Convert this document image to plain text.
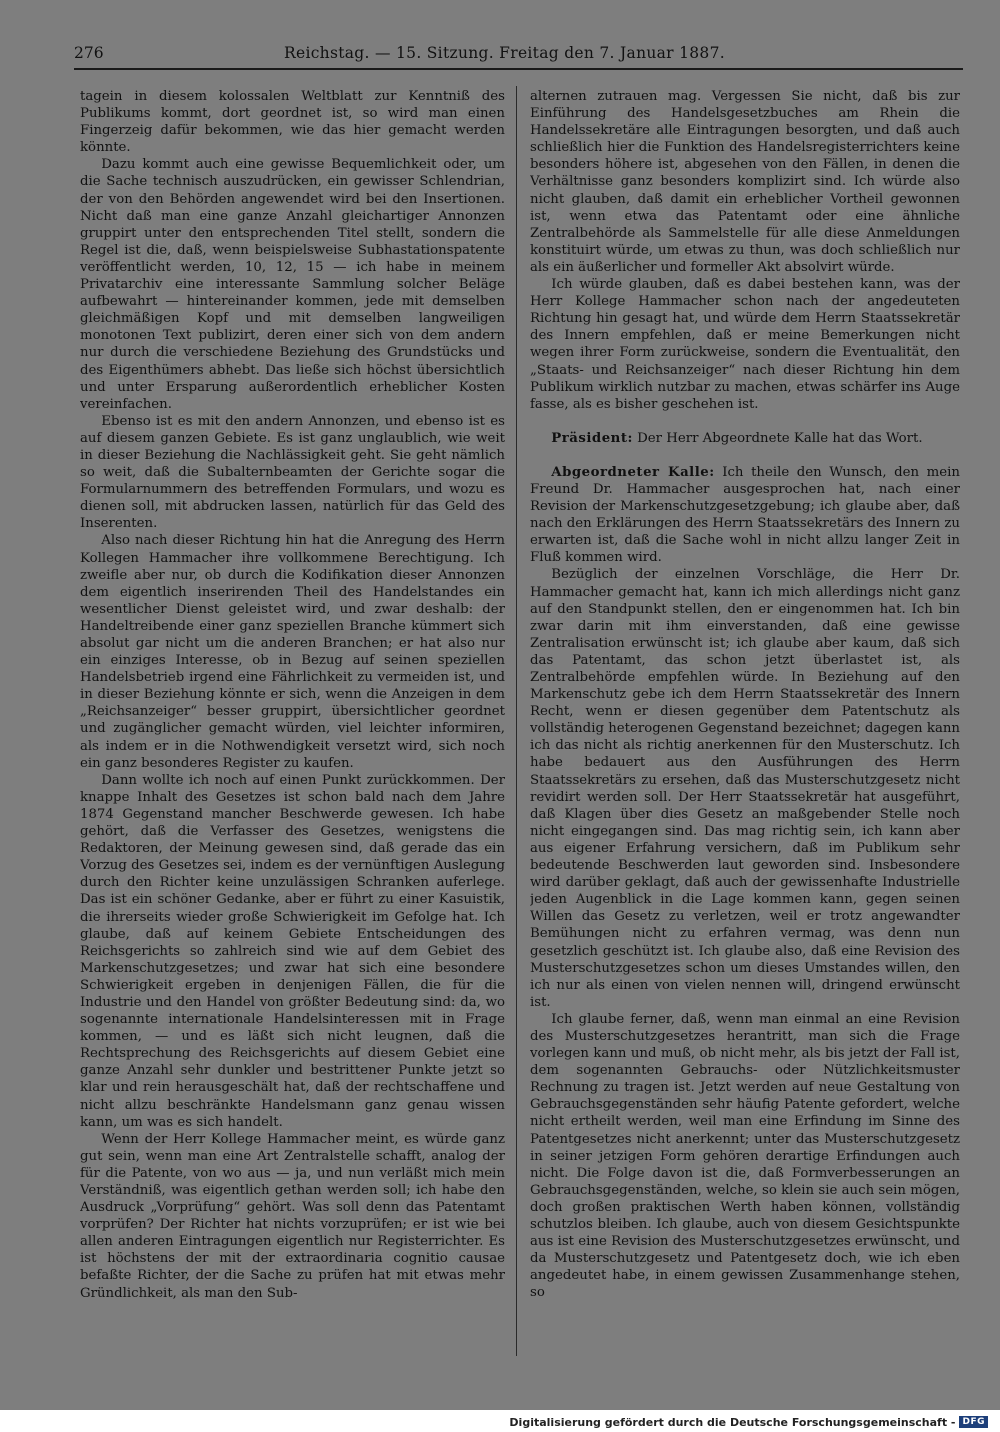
276	Reichstag. — 15. Sitzung. Freitag den 7. Januar 1887.

tagein in diesem kolossalen Weltblatt zur Kenntniß des Publikums kommt, dort geordnet ist, so wird man einen Fingerzeig dafür bekommen, wie das hier gemacht werden könnte.

Dazu kommt auch eine gewisse Bequemlichkeit oder, um die Sache technisch auszudrücken, ein gewisser Schlendrian, der von den Behörden angewendet wird bei den Insertionen. Nicht daß man eine ganze Anzahl gleichartiger Annonzen gruppirt unter den entsprechenden Titel stellt, sondern die Regel ist die, daß, wenn beispielsweise Subhastationspatente veröffentlicht werden, 10, 12, 15 — ich habe in meinem Privatarchiv eine interessante Sammlung solcher Beläge aufbewahrt — hintereinander kommen, jede mit demselben gleichmäßigen Kopf und mit demselben langweiligen monotonen Text publizirt, deren einer sich von dem andern nur durch die verschiedene Beziehung des Grundstücks und des Eigenthümers abhebt. Das ließe sich höchst übersichtlich und unter Ersparung außerordentlich erheblicher Kosten vereinfachen.

Ebenso ist es mit den andern Annonzen, und ebenso ist es auf diesem ganzen Gebiete. Es ist ganz unglaublich, wie weit in dieser Beziehung die Nachlässigkeit geht. Sie geht nämlich so weit, daß die Subalternbeamten der Gerichte sogar die Formularnummern des betreffenden Formulars, und wozu es dienen soll, mit abdrucken lassen, natürlich für das Geld des Inserenten.

Also nach dieser Richtung hin hat die Anregung des Herrn Kollegen Hammacher ihre vollkommene Berechtigung. Ich zweifle aber nur, ob durch die Kodifikation dieser Annonzen dem eigentlich inserirenden Theil des Handelstandes ein wesentlicher Dienst geleistet wird, und zwar deshalb: der Handeltreibende einer ganz speziellen Branche kümmert sich absolut gar nicht um die anderen Branchen; er hat also nur ein einziges Interesse, ob in Bezug auf seinen speziellen Handelsbetrieb irgend eine Fährlichkeit zu vermeiden ist, und in dieser Beziehung könnte er sich, wenn die Anzeigen in dem „Reichsanzeiger“ besser gruppirt, übersichtlicher geordnet und zugänglicher gemacht würden, viel leichter informiren, als indem er in die Nothwendigkeit versetzt wird, sich noch ein ganz besonderes Register zu kaufen.

Dann wollte ich noch auf einen Punkt zurückkommen. Der knappe Inhalt des Gesetzes ist schon bald nach dem Jahre 1874 Gegenstand mancher Beschwerde gewesen. Ich habe gehört, daß die Verfasser des Gesetzes, wenigstens die Redaktoren, der Meinung gewesen sind, daß gerade das ein Vorzug des Gesetzes sei, indem es der vernünftigen Auslegung durch den Richter keine unzulässigen Schranken auferlege. Das ist ein schöner Gedanke, aber er führt zu einer Kasuistik, die ihrerseits wieder große Schwierigkeit im Gefolge hat. Ich glaube, daß auf keinem Gebiete Entscheidungen des Reichsgerichts so zahlreich sind wie auf dem Gebiet des Markenschutzgesetzes; und zwar hat sich eine besondere Schwierigkeit ergeben in denjenigen Fällen, die für die Industrie und den Handel von größter Bedeutung sind: da, wo sogenannte internationale Handelsinteressen mit in Frage kommen, — und es läßt sich nicht leugnen, daß die Rechtsprechung des Reichsgerichts auf diesem Gebiet eine ganze Anzahl sehr dunkler und bestrittener Punkte jetzt so klar und rein herausgeschält hat, daß der rechtschaffene und nicht allzu beschränkte Handelsmann ganz genau wissen kann, um was es sich handelt.

Wenn der Herr Kollege Hammacher meint, es würde ganz gut sein, wenn man eine Art Zentralstelle schafft, analog der für die Patente, von wo aus — ja, und nun verläßt mich mein Verständniß, was eigentlich gethan werden soll; ich habe den Ausdruck „Vorprüfung“ gehört. Was soll denn das Patentamt vorprüfen? Der Richter hat nichts vorzuprüfen; er ist wie bei allen anderen Eintragungen eigentlich nur Registerrichter. Es ist höchstens der mit der extraordinaria cognitio causae befaßte Richter, der die Sache zu prüfen hat mit etwas mehr Gründlichkeit, als man den Sub-

alternen zutrauen mag. Vergessen Sie nicht, daß bis zur Einführung des Handelsgesetzbuches am Rhein die Handelssekretäre alle Eintragungen besorgten, und daß auch schließlich hier die Funktion des Handelsregisterrichters keine besonders höhere ist, abgesehen von den Fällen, in denen die Verhältnisse ganz besonders komplizirt sind. Ich würde also nicht glauben, daß damit ein erheblicher Vortheil gewonnen ist, wenn etwa das Patentamt oder eine ähnliche Zentralbehörde als Sammelstelle für alle diese Anmeldungen konstituirt würde, um etwas zu thun, was doch schließlich nur als ein äußerlicher und formeller Akt absolvirt würde.

Ich würde glauben, daß es dabei bestehen kann, was der Herr Kollege Hammacher schon nach der angedeuteten Richtung hin gesagt hat, und würde dem Herrn Staatssekretär des Innern empfehlen, daß er meine Bemerkungen nicht wegen ihrer Form zurückweise, sondern die Eventualität, den „Staats- und Reichsanzeiger“ nach dieser Richtung hin dem Publikum wirklich nutzbar zu machen, etwas schärfer ins Auge fasse, als es bisher geschehen ist.

Präsident: Der Herr Abgeordnete Kalle hat das Wort.

Abgeordneter Kalle: Ich theile den Wunsch, den mein Freund Dr. Hammacher ausgesprochen hat, nach einer Revision der Markenschutzgesetzgebung; ich glaube aber, daß nach den Erklärungen des Herrn Staatssekretärs des Innern zu erwarten ist, daß die Sache wohl in nicht allzu langer Zeit in Fluß kommen wird.

Bezüglich der einzelnen Vorschläge, die Herr Dr. Hammacher gemacht hat, kann ich mich allerdings nicht ganz auf den Standpunkt stellen, den er eingenommen hat. Ich bin zwar darin mit ihm einverstanden, daß eine gewisse Zentralisation erwünscht ist; ich glaube aber kaum, daß sich das Patentamt, das schon jetzt überlastet ist, als Zentralbehörde empfehlen würde. In Beziehung auf den Markenschutz gebe ich dem Herrn Staatssekretär des Innern Recht, wenn er diesen gegenüber dem Patentschutz als vollständig heterogenen Gegenstand bezeichnet; dagegen kann ich das nicht als richtig anerkennen für den Musterschutz. Ich habe bedauert aus den Ausführungen des Herrn Staatssekretärs zu ersehen, daß das Musterschutzgesetz nicht revidirt werden soll. Der Herr Staatssekretär hat ausgeführt, daß Klagen über dies Gesetz an maßgebender Stelle noch nicht eingegangen sind. Das mag richtig sein, ich kann aber aus eigener Erfahrung versichern, daß im Publikum sehr bedeutende Beschwerden laut geworden sind. Insbesondere wird darüber geklagt, daß auch der gewissenhafte Industrielle jeden Augenblick in die Lage kommen kann, gegen seinen Willen das Gesetz zu verletzen, weil er trotz angewandter Bemühungen nicht zu erfahren vermag, was denn nun gesetzlich geschützt ist. Ich glaube also, daß eine Revision des Musterschutzgesetzes schon um dieses Umstandes willen, den ich nur als einen von vielen nennen will, dringend erwünscht ist.

Ich glaube ferner, daß, wenn man einmal an eine Revision des Musterschutzgesetzes herantritt, man sich die Frage vorlegen kann und muß, ob nicht mehr, als bis jetzt der Fall ist, dem sogenannten Gebrauchs- oder Nützlichkeitsmuster Rechnung zu tragen ist. Jetzt werden auf neue Gestaltung von Gebrauchsgegenständen sehr häufig Patente gefordert, welche nicht ertheilt werden, weil man eine Erfindung im Sinne des Patentgesetzes nicht anerkennt; unter das Musterschutzgesetz in seiner jetzigen Form gehören derartige Erfindungen auch nicht. Die Folge davon ist die, daß Formverbesserungen an Gebrauchsgegenständen, welche, so klein sie auch sein mögen, doch großen praktischen Werth haben können, vollständig schutzlos bleiben. Ich glaube, auch von diesem Gesichtspunkte aus ist eine Revision des Musterschutzgesetzes erwünscht, und da Musterschutzgesetz und Patentgesetz doch, wie ich eben angedeutet habe, in einem gewissen Zusammenhange stehen, so

Digitalisierung gefördert durch die Deutsche Forschungsgemeinschaft - DFG
